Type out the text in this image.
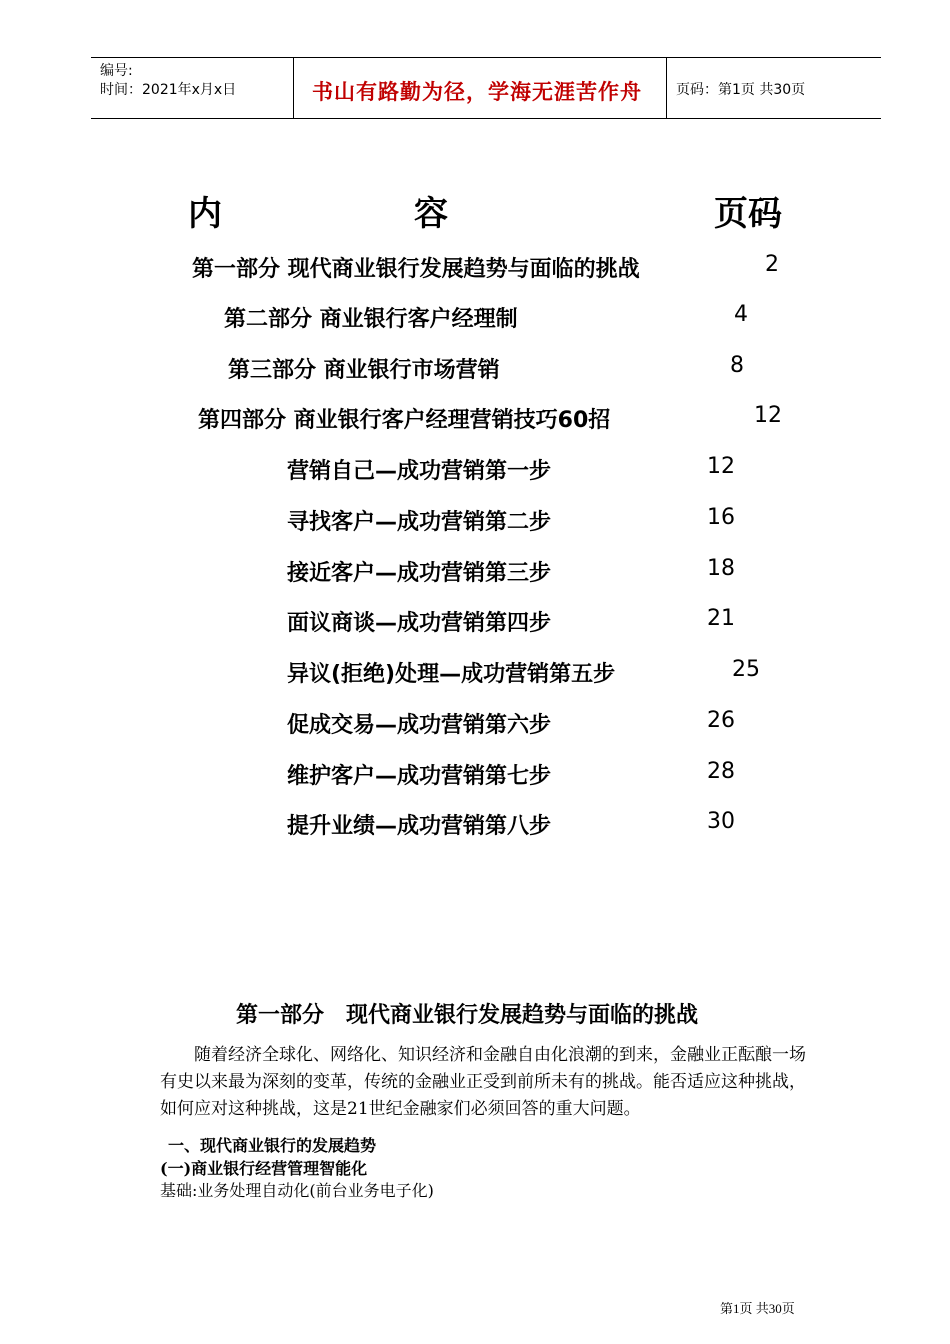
编号:
时间：2021年x月x日	书山有路勤为径，学海无涯苦作舟 页码：第1页 共30页
内	容	页码
第一部分 现代商业银行发展趋势与面临的挑战	2
第二部分 商业银行客户经理制	4
第三部分 商业银行市场营销	8
第四部分 商业银行客户经理营销技巧60招	12
营销自己—成功营销第一步	12
寻找客户—成功营销第二步	16
接近客户—成功营销第三步	18
面议商谈—成功营销第四步	21
异议(拒绝)处理—成功营销第五步	25
促成交易—成功营销第六步	26
维护客户—成功营销第七步	28
提升业绩—成功营销第八步	30
第一部分　现代商业银行发展趋势与面临的挑战
随着经济全球化、网络化、知识经济和金融自由化浪潮的到来，金融业正酝酿一场有史以来最为深刻的变革，传统的金融业正受到前所未有的挑战。能否适应这种挑战，如何应对这种挑战，这是21世纪金融家们必须回答的重大问题。
一、现代商业银行的发展趋势
(一)商业银行经营管理智能化
基础:业务处理自动化(前台业务电子化)
第1页 共30页
